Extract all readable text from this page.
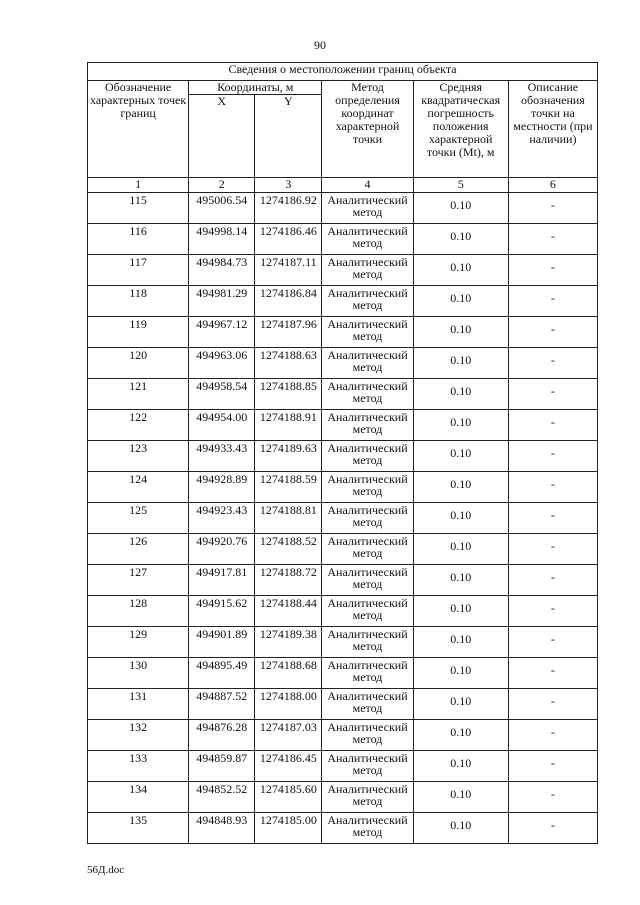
90
Сведения о местоположении границ объекта					
Обозначение характерных точек границ	Координаты, м		Метод определения координат характерной точки	Средняя квадратическая погрешность положения характерной точки (Mt), м	Описание обозначения точки на местности (при наличии)
	X	Y			
1	2	3	4	5	6

115	495006.54	1274186.92	Аналитический метод	0.10	-

116	494998.14	1274186.46	Аналитический метод	0.10	-

117	494984.73	1274187.11	Аналитический метод	0.10	-

118	494981.29	1274186.84	Аналитический метод	0.10	-

119	494967.12	1274187.96	Аналитический метод	0.10	-

120	494963.06	1274188.63	Аналитический метод	0.10	-

121	494958.54	1274188.85	Аналитический метод	0.10	-

122	494954.00	1274188.91	Аналитический метод	0.10	-

123	494933.43	1274189.63	Аналитический метод	0.10	-

124	494928.89	1274188.59	Аналитический метод	0.10	-

125	494923.43	1274188.81	Аналитический метод	0.10	-

126	494920.76	1274188.52	Аналитический метод	0.10	-

127	494917.81	1274188.72	Аналитический метод	0.10	-

128	494915.62	1274188.44	Аналитический метод	0.10	-

129	494901.89	1274189.38	Аналитический метод	0.10	-

130	494895.49	1274188.68	Аналитический метод	0.10	-

131	494887.52	1274188.00	Аналитический метод	0.10	-

132	494876.28	1274187.03	Аналитический метод	0.10	-

133	494859.87	1274186.45	Аналитический метод	0.10	-

134	494852.52	1274185.60	Аналитический метод	0.10	-

135	494848.93	1274185.00	Аналитический метод	0.10	-
56Д.doc
